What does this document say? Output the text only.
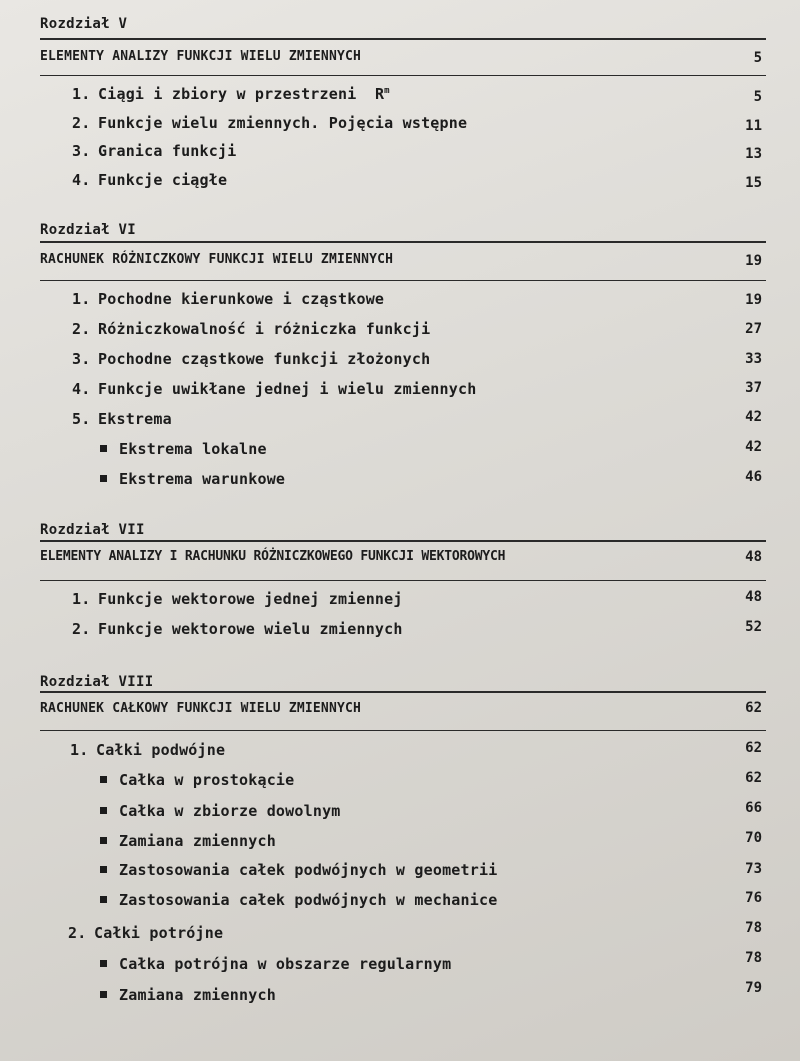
Rozdział V
ELEMENTY ANALIZY FUNKCJI WIELU ZMIENNYCH	5
1. Ciągi i zbiory w przestrzeni $R^m$	5
2. Funkcje wielu zmiennych. Pojęcia wstępne	11
3. Granica funkcji	13
4. Funkcje ciągłe	15
Rozdział VI
RACHUNEK RÓŻNICZKOWY FUNKCJI WIELU ZMIENNYCH	19
1. Pochodne kierunkowe i cząstkowe	19
2. Różniczkowalność i różniczka funkcji	27
3. Pochodne cząstkowe funkcji złożonych	33
4. Funkcje uwikłane jednej i wielu zmiennych	37
5. Ekstrema	42
Ekstrema lokalne	42
Ekstrema warunkowe	46
Rozdział VII
ELEMENTY ANALIZY I RACHUNKU RÓŻNICZKOWEGO FUNKCJI WEKTOROWYCH	48
1. Funkcje wektorowe jednej zmiennej	48
2. Funkcje wektorowe wielu zmiennych	52
Rozdział VIII
RACHUNEK CAŁKOWY FUNKCJI WIELU ZMIENNYCH	62
1. Całki podwójne	62
Całka w prostokącie	62
Całka w zbiorze dowolnym	66
Zamiana zmiennych	70
Zastosowania całek podwójnych w geometrii	73
Zastosowania całek podwójnych w mechanice	76
2. Całki potrójne	78
Całka potrójna w obszarze regularnym	78
Zamiana zmiennych	79
